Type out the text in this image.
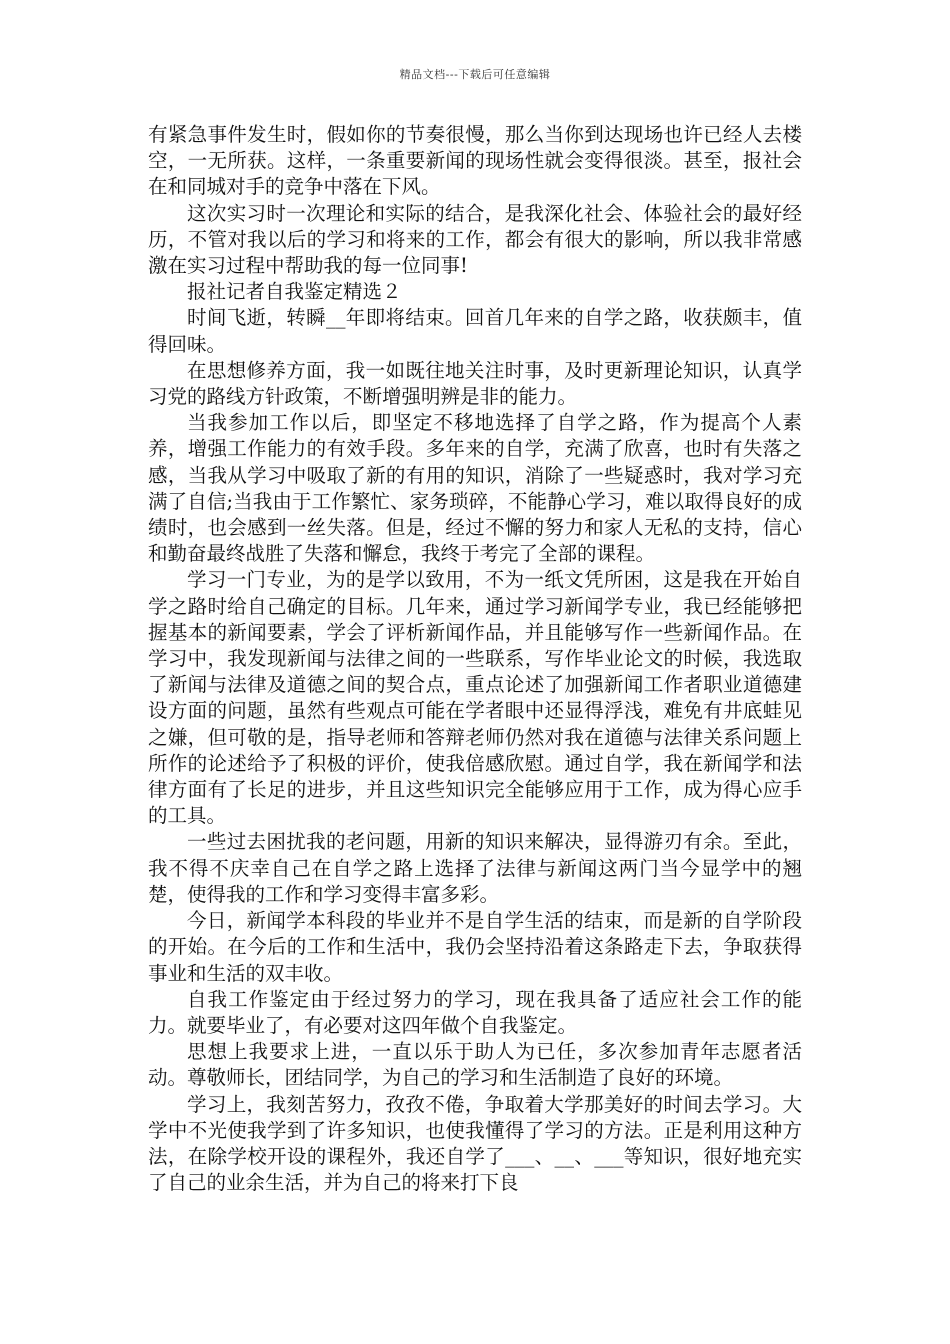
精品文档---下载后可任意编辑

有紧急事件发生时，假如你的节奏很慢，那么当你到达现场也许已经人去楼空，一无所获。这样，一条重要新闻的现场性就会变得很淡。甚至，报社会在和同城对手的竞争中落在下风。

这次实习时一次理论和实际的结合，是我深化社会、体验社会的最好经历，不管对我以后的学习和将来的工作，都会有很大的影响，所以我非常感激在实习过程中帮助我的每一位同事!

报社记者自我鉴定精选２

时间飞逝，转瞬__年即将结束。回首几年来的自学之路，收获颇丰，值得回味。

在思想修养方面，我一如既往地关注时事，及时更新理论知识，认真学习党的路线方针政策，不断增强明辨是非的能力。

当我参加工作以后，即坚定不移地选择了自学之路，作为提高个人素养，增强工作能力的有效手段。多年来的自学，充满了欣喜，也时有失落之感，当我从学习中吸取了新的有用的知识，消除了一些疑惑时，我对学习充满了自信;当我由于工作繁忙、家务琐碎，不能静心学习，难以取得良好的成绩时，也会感到一丝失落。但是，经过不懈的努力和家人无私的支持，信心和勤奋最终战胜了失落和懈怠，我终于考完了全部的课程。

学习一门专业，为的是学以致用，不为一纸文凭所困，这是我在开始自学之路时给自己确定的目标。几年来，通过学习新闻学专业，我已经能够把握基本的新闻要素，学会了评析新闻作品，并且能够写作一些新闻作品。在学习中，我发现新闻与法律之间的一些联系，写作毕业论文的时候，我选取了新闻与法律及道德之间的契合点，重点论述了加强新闻工作者职业道德建设方面的问题，虽然有些观点可能在学者眼中还显得浮浅，难免有井底蛙见之嫌，但可敬的是，指导老师和答辩老师仍然对我在道德与法律关系问题上所作的论述给予了积极的评价，使我倍感欣慰。通过自学，我在新闻学和法律方面有了长足的进步，并且这些知识完全能够应用于工作，成为得心应手的工具。

一些过去困扰我的老问题，用新的知识来解决，显得游刃有余。至此，我不得不庆幸自己在自学之路上选择了法律与新闻这两门当今显学中的翘楚，使得我的工作和学习变得丰富多彩。

今日，新闻学本科段的毕业并不是自学生活的结束，而是新的自学阶段的开始。在今后的工作和生活中，我仍会坚持沿着这条路走下去，争取获得事业和生活的双丰收。

自我工作鉴定由于经过努力的学习，现在我具备了适应社会工作的能力。就要毕业了，有必要对这四年做个自我鉴定。

思想上我要求上进，一直以乐于助人为已任，多次参加青年志愿者活动。尊敬师长，团结同学，为自己的学习和生活制造了良好的环境。

学习上，我刻苦努力，孜孜不倦，争取着大学那美好的时间去学习。大学中不光使我学到了许多知识，也使我懂得了学习的方法。正是利用这种方法，在除学校开设的课程外，我还自学了___、__、___等知识，很好地充实了自己的业余生活，并为自己的将来打下良
